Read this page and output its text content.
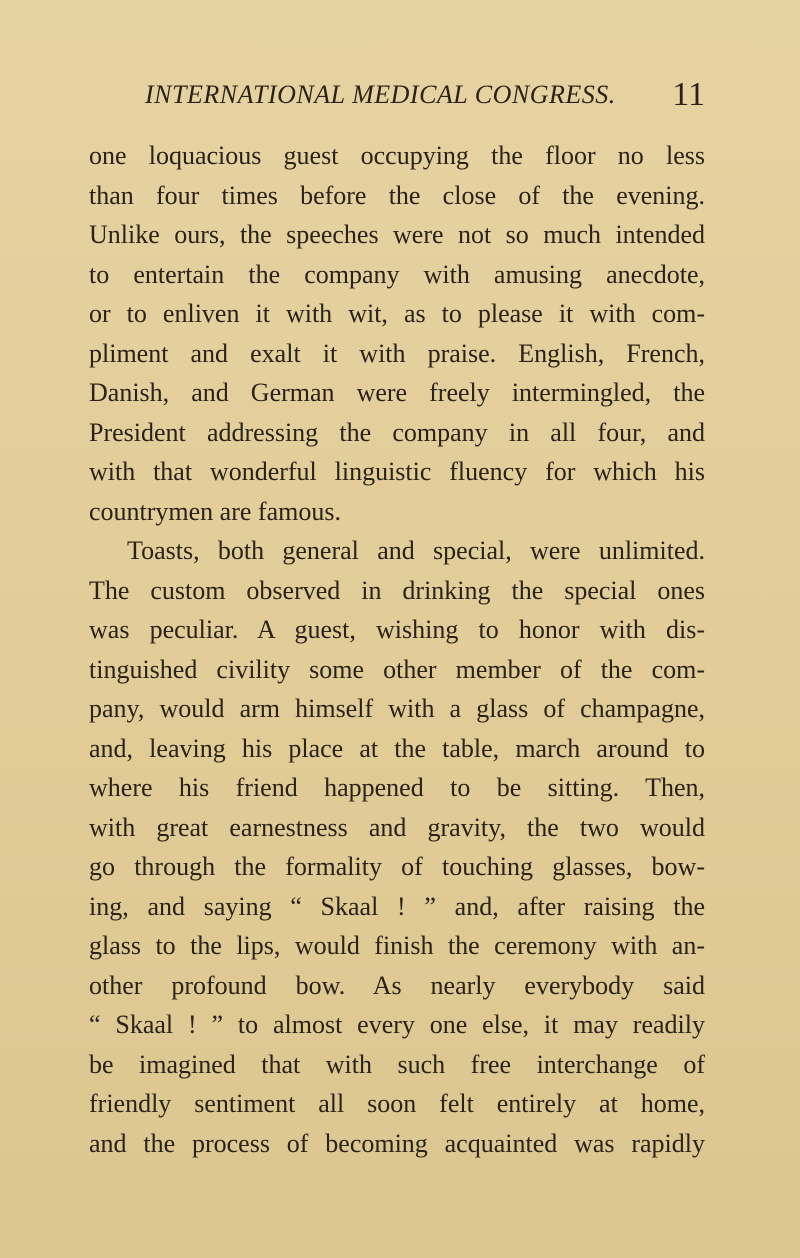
INTERNATIONAL MEDICAL CONGRESS. 11
one loquacious guest occupying the floor no less
than four times before the close of the evening.
Unlike ours, the speeches were not so much intended
to entertain the company with amusing anecdote,
or to enliven it with wit, as to please it with com-
pliment and exalt it with praise. English, French,
Danish, and German were freely intermingled, the
President addressing the company in all four, and
with that wonderful linguistic fluency for which his
countrymen are famous.
Toasts, both general and special, were unlimited.
The custom observed in drinking the special ones
was peculiar. A guest, wishing to honor with dis-
tinguished civility some other member of the com-
pany, would arm himself with a glass of champagne,
and, leaving his place at the table, march around to
where his friend happened to be sitting. Then,
with great earnestness and gravity, the two would
go through the formality of touching glasses, bow-
ing, and saying “ Skaal ! ” and, after raising the
glass to the lips, would finish the ceremony with an-
other profound bow. As nearly everybody said
“ Skaal ! ” to almost every one else, it may readily
be imagined that with such free interchange of
friendly sentiment all soon felt entirely at home,
and the process of becoming acquainted was rapidly
